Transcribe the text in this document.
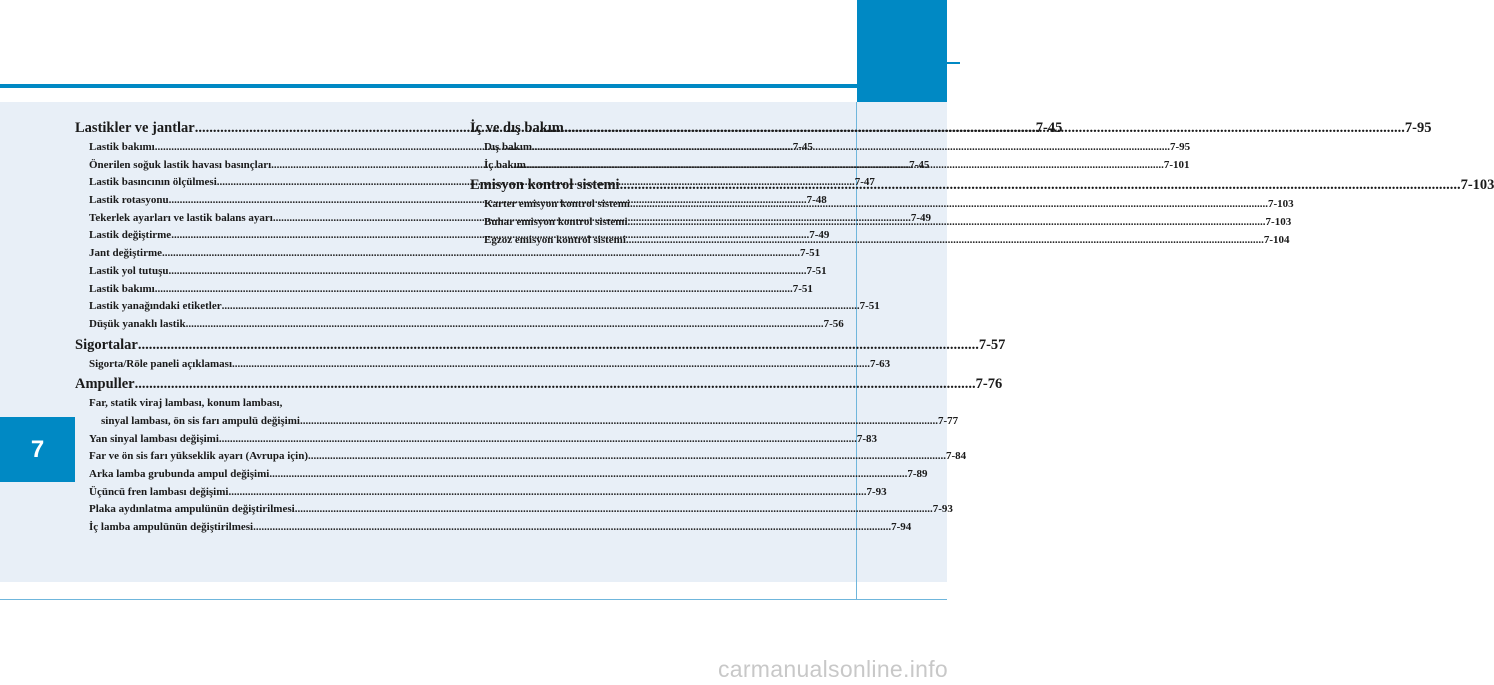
7
Lastikler ve jantlar .....	7-45
Lastik bakımı .....	7-45
Önerilen soğuk lastik havası basınçları .....	7-45
Lastik basıncının ölçülmesi .....	7-47
Lastik rotasyonu .....	7-48
Tekerlek ayarları ve lastik balans ayarı .....	7-49
Lastik değiştirme .....	7-49
Jant değiştirme .....	7-51
Lastik yol tutuşu .....	7-51
Lastik bakımı .....	7-51
Lastik yanağındaki etiketler .....	7-51
Düşük yanaklı lastik .....	7-56
Sigortalar .....	7-57
Sigorta/Röle paneli açıklaması .....	7-63
Ampuller .....	7-76
Far, statik viraj lambası, konum lambası,
sinyal lambası, ön sis farı ampulü değişimi .....	7-77
Yan sinyal lambası değişimi .....	7-83
Far ve ön sis farı yükseklik ayarı (Avrupa için) .....	7-84
Arka lamba grubunda ampul değişimi .....	7-89
Üçüncü fren lambası değişimi .....	7-93
Plaka aydınlatma ampulünün değiştirilmesi .....	7-93
İç lamba ampulünün değiştirilmesi .....	7-94
İç ve dış bakım .....	7-95
Dış bakım .....	7-95
İç bakım .....	7-101
Emisyon kontrol sistemi .....	7-103
Karter emisyon kontrol sistemi .....	7-103
Buhar emisyon kontrol sistemi .....	7-103
Egzoz emisyon kontrol sistemi .....	7-104
carmanualsonline.info
